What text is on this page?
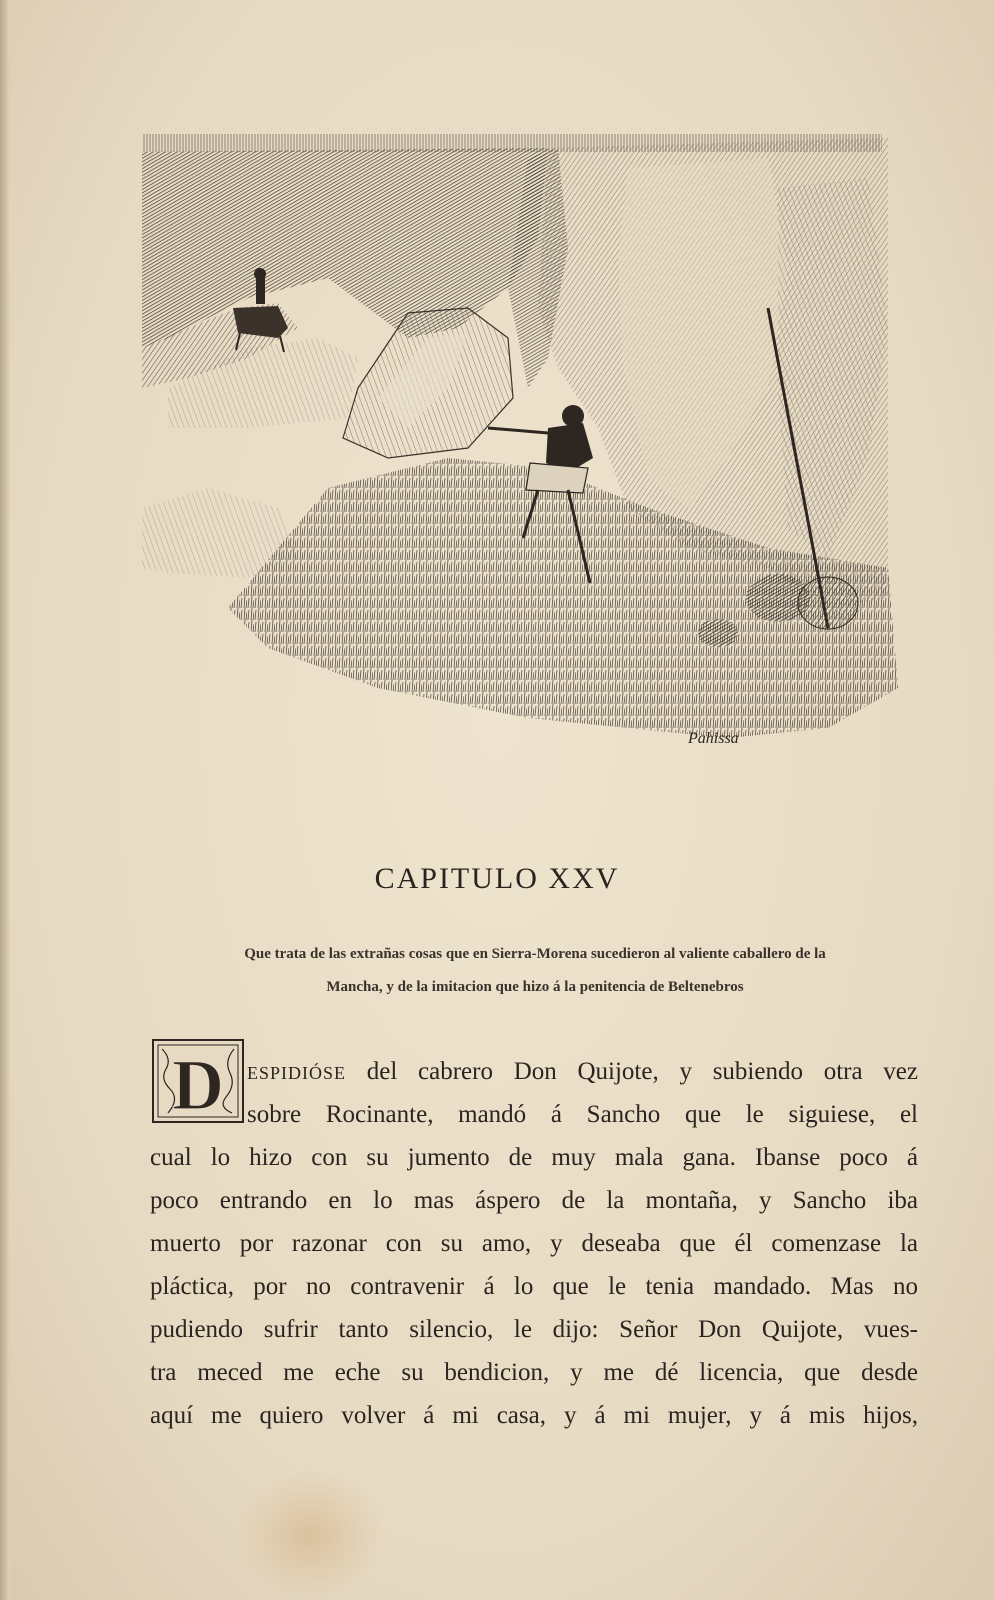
Pahissa
CAPITULO XXV
Que trata de las extrañas cosas que en Sierra-Morena sucedieron al valiente caballero de la
Mancha, y de la imitacion que hizo á la penitencia de Beltenebros
D ESPIDIÓSE del cabrero Don Quijote, y subiendo otra vez
sobre Rocinante, mandó á Sancho que le siguiese, el
cual lo hizo con su jumento de muy mala gana. Ibanse poco á
poco entrando en lo mas áspero de la montaña, y Sancho iba
muerto por razonar con su amo, y deseaba que él comenzase la
pláctica, por no contravenir á lo que le tenia mandado. Mas no
pudiendo sufrir tanto silencio, le dijo: Señor Don Quijote, vues-
tra meced me eche su bendicion, y me dé licencia, que desde
aquí me quiero volver á mi casa, y á mi mujer, y á mis hijos,
